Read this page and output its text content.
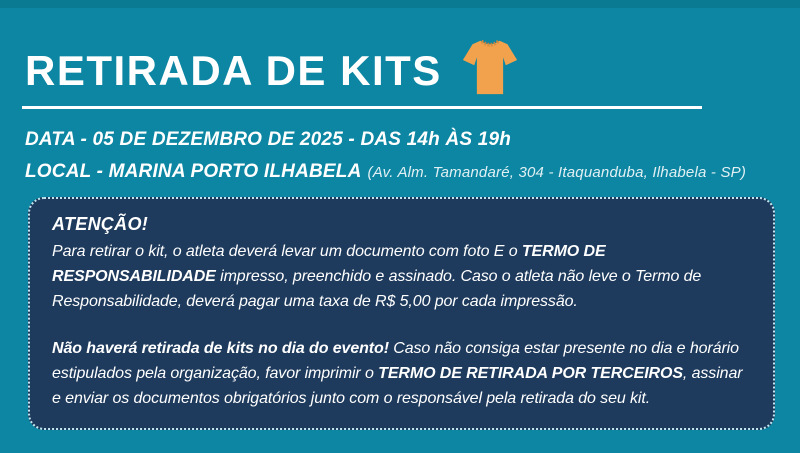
RETIRADA DE KITS

DATA - 05 DE DEZEMBRO DE 2025 - DAS 14h ÀS 19h

LOCAL - MARINA PORTO ILHABELA (Av. Alm. Tamandaré, 304 - Itaquanduba, Ilhabela - SP)

ATENÇÃO!

Para retirar o kit, o atleta deverá levar um documento com foto E o TERMO DE RESPONSABILIDADE impresso, preenchido e assinado. Caso o atleta não leve o Termo de Responsabilidade, deverá pagar uma taxa de R$ 5,00 por cada impressão.

Não haverá retirada de kits no dia do evento! Caso não consiga estar presente no dia e horário estipulados pela organização, favor imprimir o TERMO DE RETIRADA POR TERCEIROS, assinar e enviar os documentos obrigatórios junto com o responsável pela retirada do seu kit.
